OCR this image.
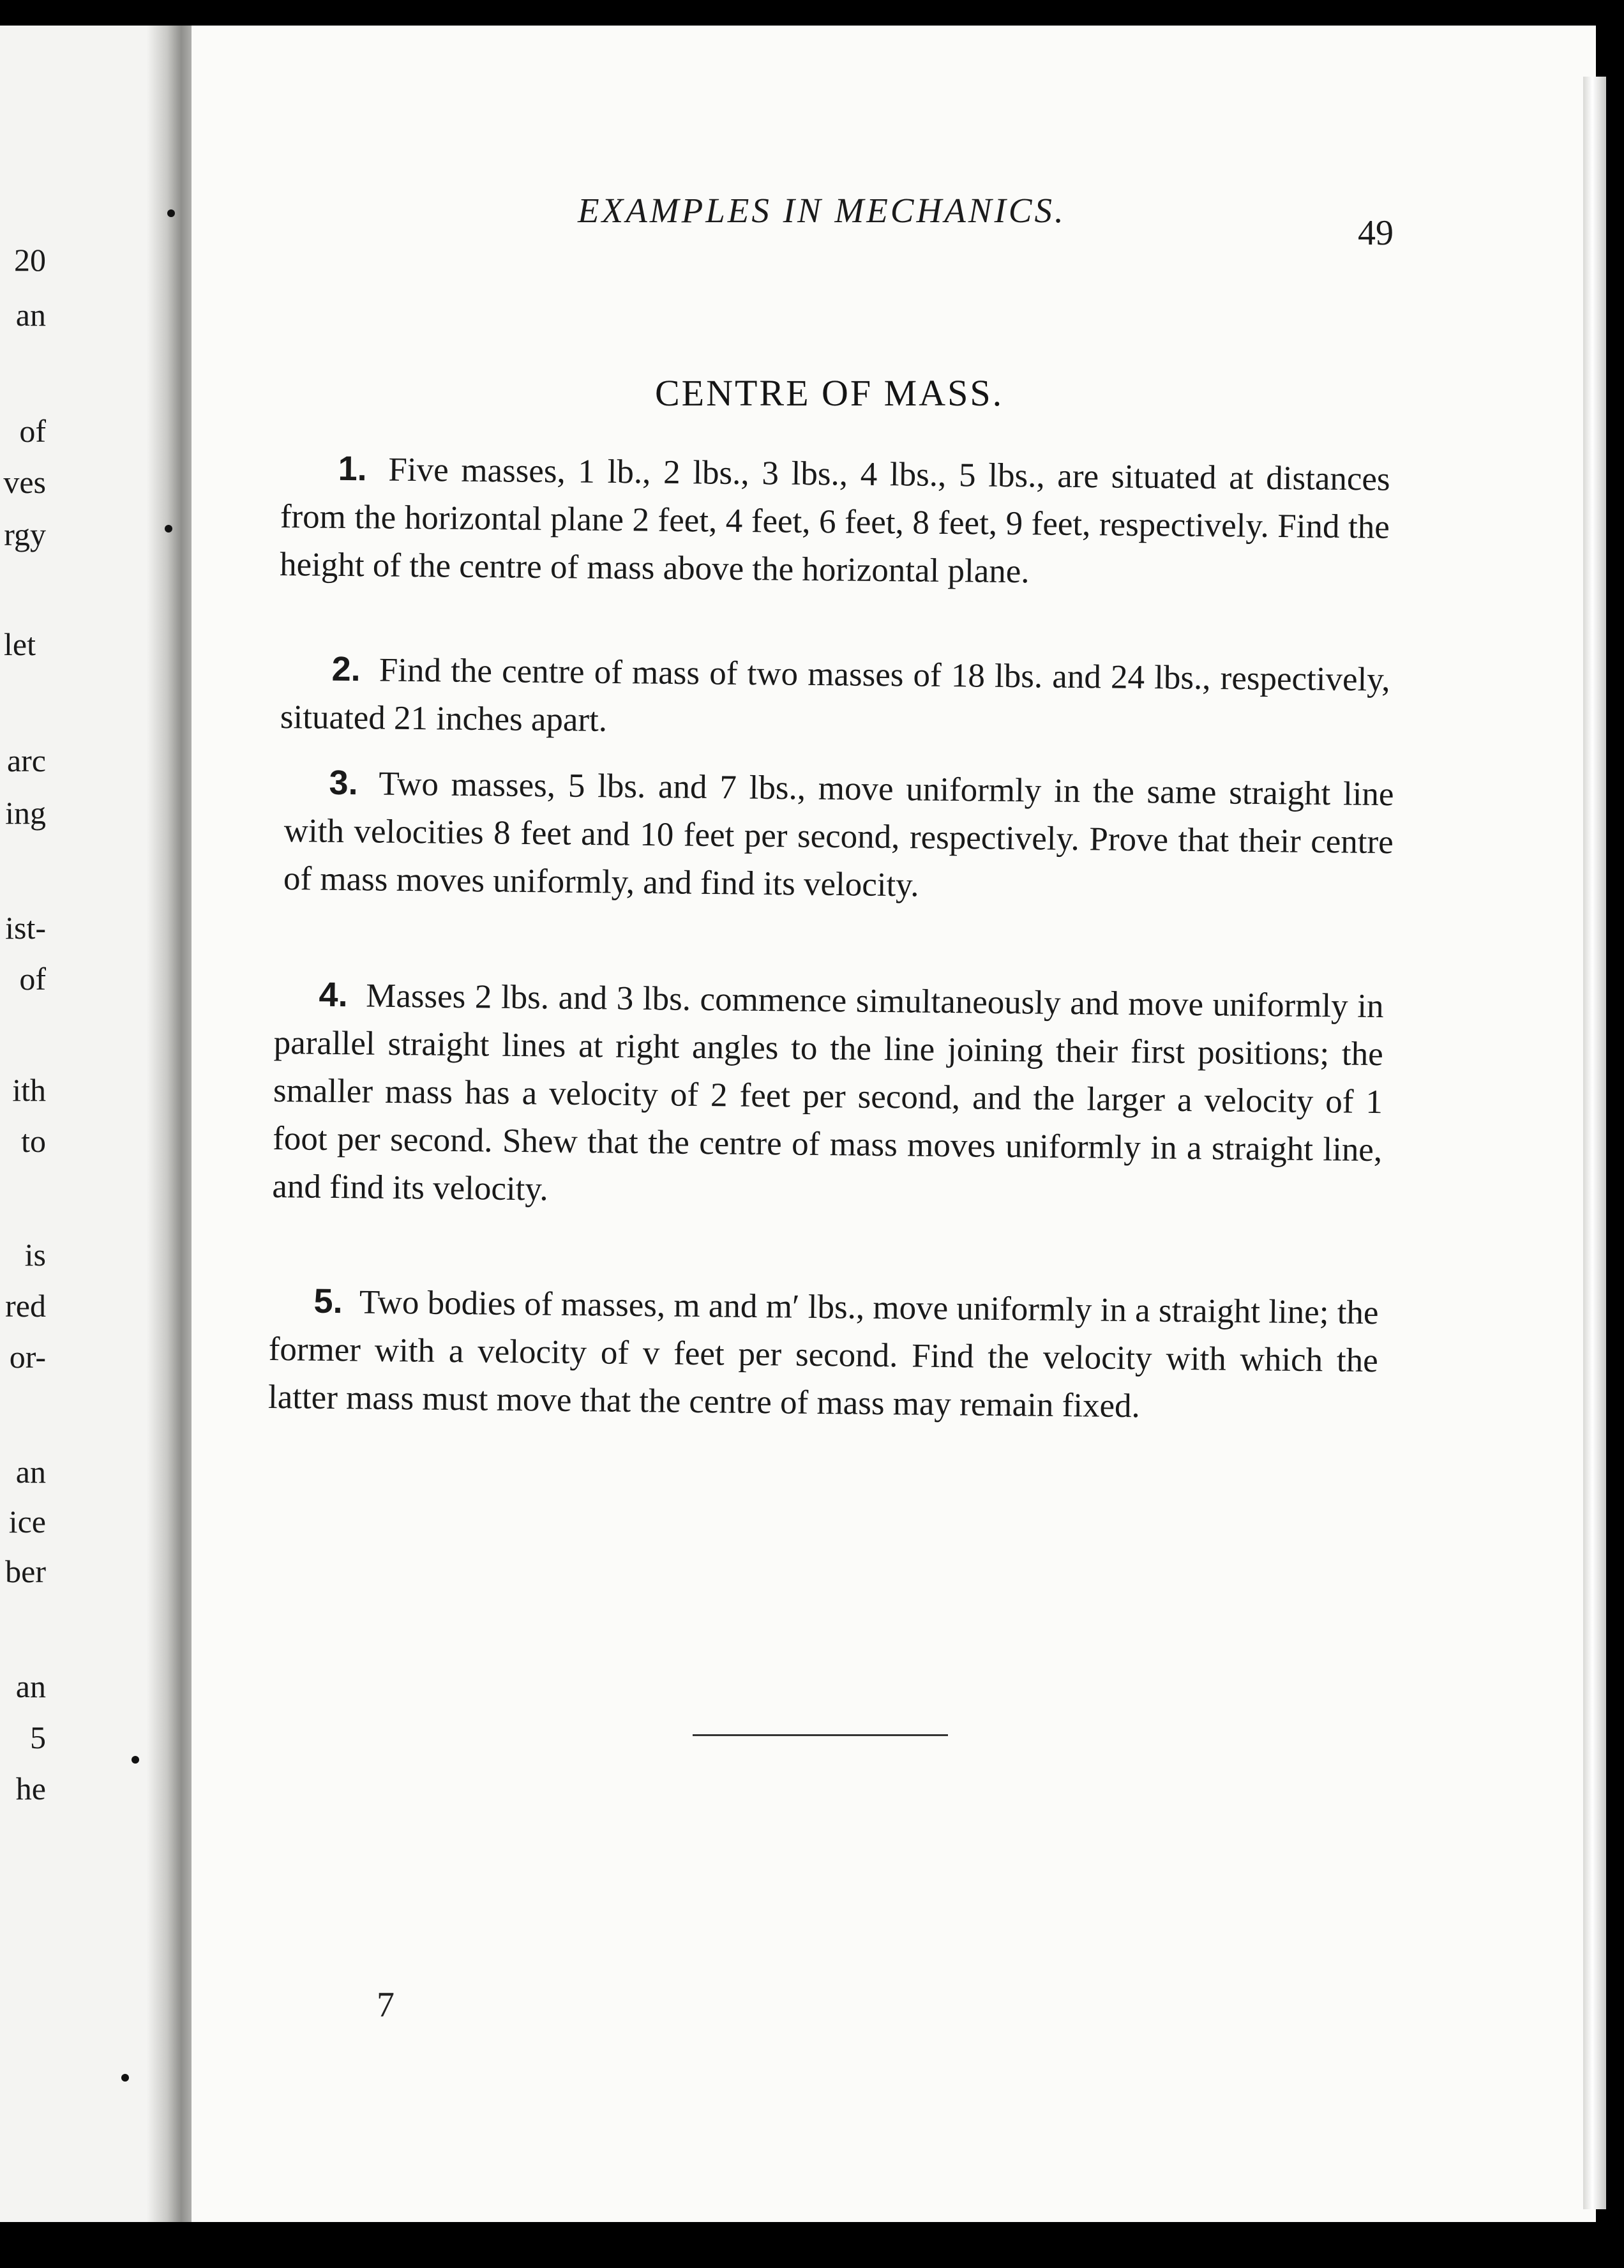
20
an
of
ves
rgy
let
arc
ing
ist-
of
ith
to
is
red
or-
an
ice
ber
an
5
he
EXAMPLES IN MECHANICS.
49
CENTRE OF MASS.

1. Five masses, 1 lb., 2 lbs., 3 lbs., 4 lbs., 5 lbs., are situated at distances from the horizontal plane 2 feet, 4 feet, 6 feet, 8 feet, 9 feet, respectively. Find the height of the centre of mass above the horizontal plane.

2. Find the centre of mass of two masses of 18 lbs. and 24 lbs., respectively, situated 21 inches apart.

3. Two masses, 5 lbs. and 7 lbs., move uniformly in the same straight line with velocities 8 feet and 10 feet per second, respectively. Prove that their centre of mass moves uniformly, and find its velocity.

4. Masses 2 lbs. and 3 lbs. commence simultaneously and move uniformly in parallel straight lines at right angles to the line joining their first positions; the smaller mass has a velocity of 2 feet per second, and the larger a velocity of 1 foot per second. Shew that the centre of mass moves uniformly in a straight line, and find its velocity.

5. Two bodies of masses, m and m′ lbs., move uniformly in a straight line; the former with a velocity of v feet per second. Find the velocity with which the latter mass must move that the centre of mass may remain fixed.

7
